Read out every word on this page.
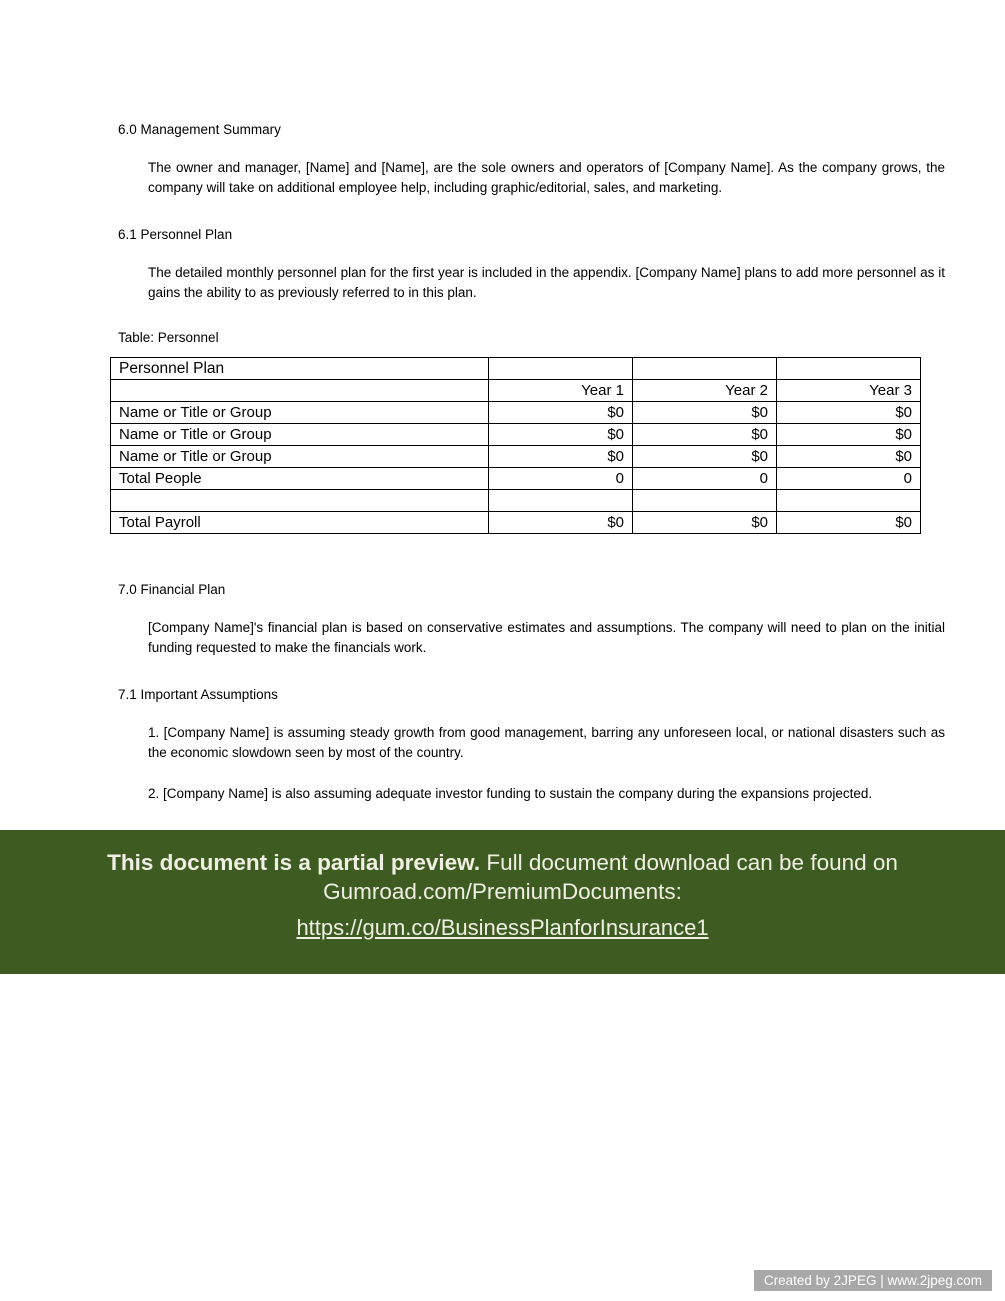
6.0 Management Summary

The owner and manager, [Name] and [Name], are the sole owners and operators of [Company Name]. As the company grows, the company will take on additional employee help, including graphic/editorial, sales, and marketing.

6.1 Personnel Plan

The detailed monthly personnel plan for the first year is included in the appendix. [Company Name] plans to add more personnel as it gains the ability to as previously referred to in this plan.

Table: Personnel

Personnel Plan			
	Year 1	Year 2	Year 3
Name or Title or Group	$0	$0	$0
Name or Title or Group	$0	$0	$0
Name or Title or Group	$0	$0	$0
Total People	0	0	0

Total Payroll	$0	$0	$0
7.0 Financial Plan

[Company Name]'s financial plan is based on conservative estimates and assumptions. The company will need to plan on the initial funding requested to make the financials work.

7.1 Important Assumptions

1. [Company Name] is assuming steady growth from good management, barring any unforeseen local, or national disasters such as the economic slowdown seen by most of the country.

2. [Company Name] is also assuming adequate investor funding to sustain the company during the expansions projected.

This document is a partial preview. Full document download can be found on Gumroad.com/PremiumDocuments:
https://gum.co/BusinessPlanforInsurance1
Created by 2JPEG | www.2jpeg.com
